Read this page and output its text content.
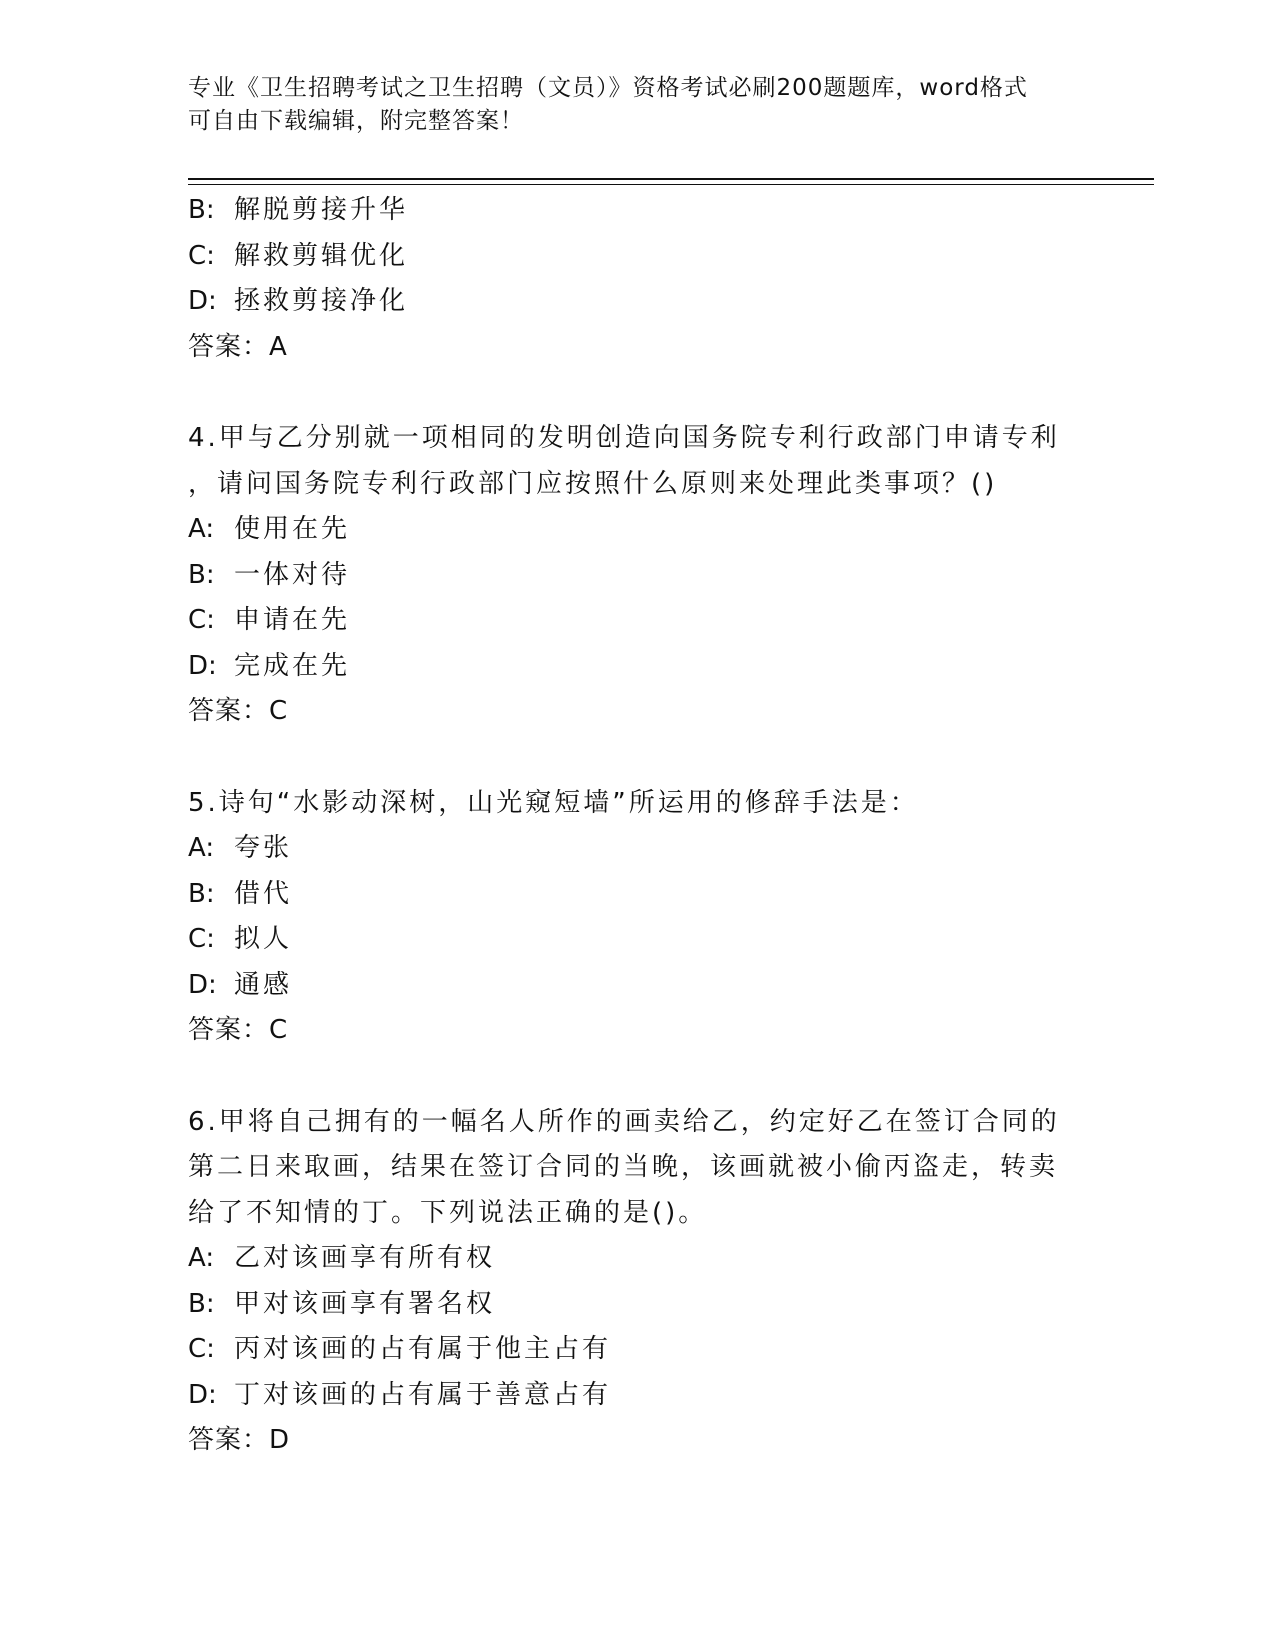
专业《卫生招聘考试之卫生招聘（文员）》资格考试必刷200题题库，word格式
可自由下载编辑，附完整答案！
B: 解脱剪接升华
C: 解救剪辑优化
D: 拯救剪接净化
答案：A
4.甲与乙分别就一项相同的发明创造向国务院专利行政部门申请专利
，请问国务院专利行政部门应按照什么原则来处理此类事项？()
A: 使用在先
B: 一体对待
C: 申请在先
D: 完成在先
答案：C
5.诗句“水影动深树，山光窥短墙”所运用的修辞手法是：
A: 夸张
B: 借代
C: 拟人
D: 通感
答案：C
6.甲将自己拥有的一幅名人所作的画卖给乙，约定好乙在签订合同的
第二日来取画，结果在签订合同的当晚，该画就被小偷丙盗走，转卖
给了不知情的丁。下列说法正确的是()。
A: 乙对该画享有所有权
B: 甲对该画享有署名权
C: 丙对该画的占有属于他主占有
D: 丁对该画的占有属于善意占有
答案：D
